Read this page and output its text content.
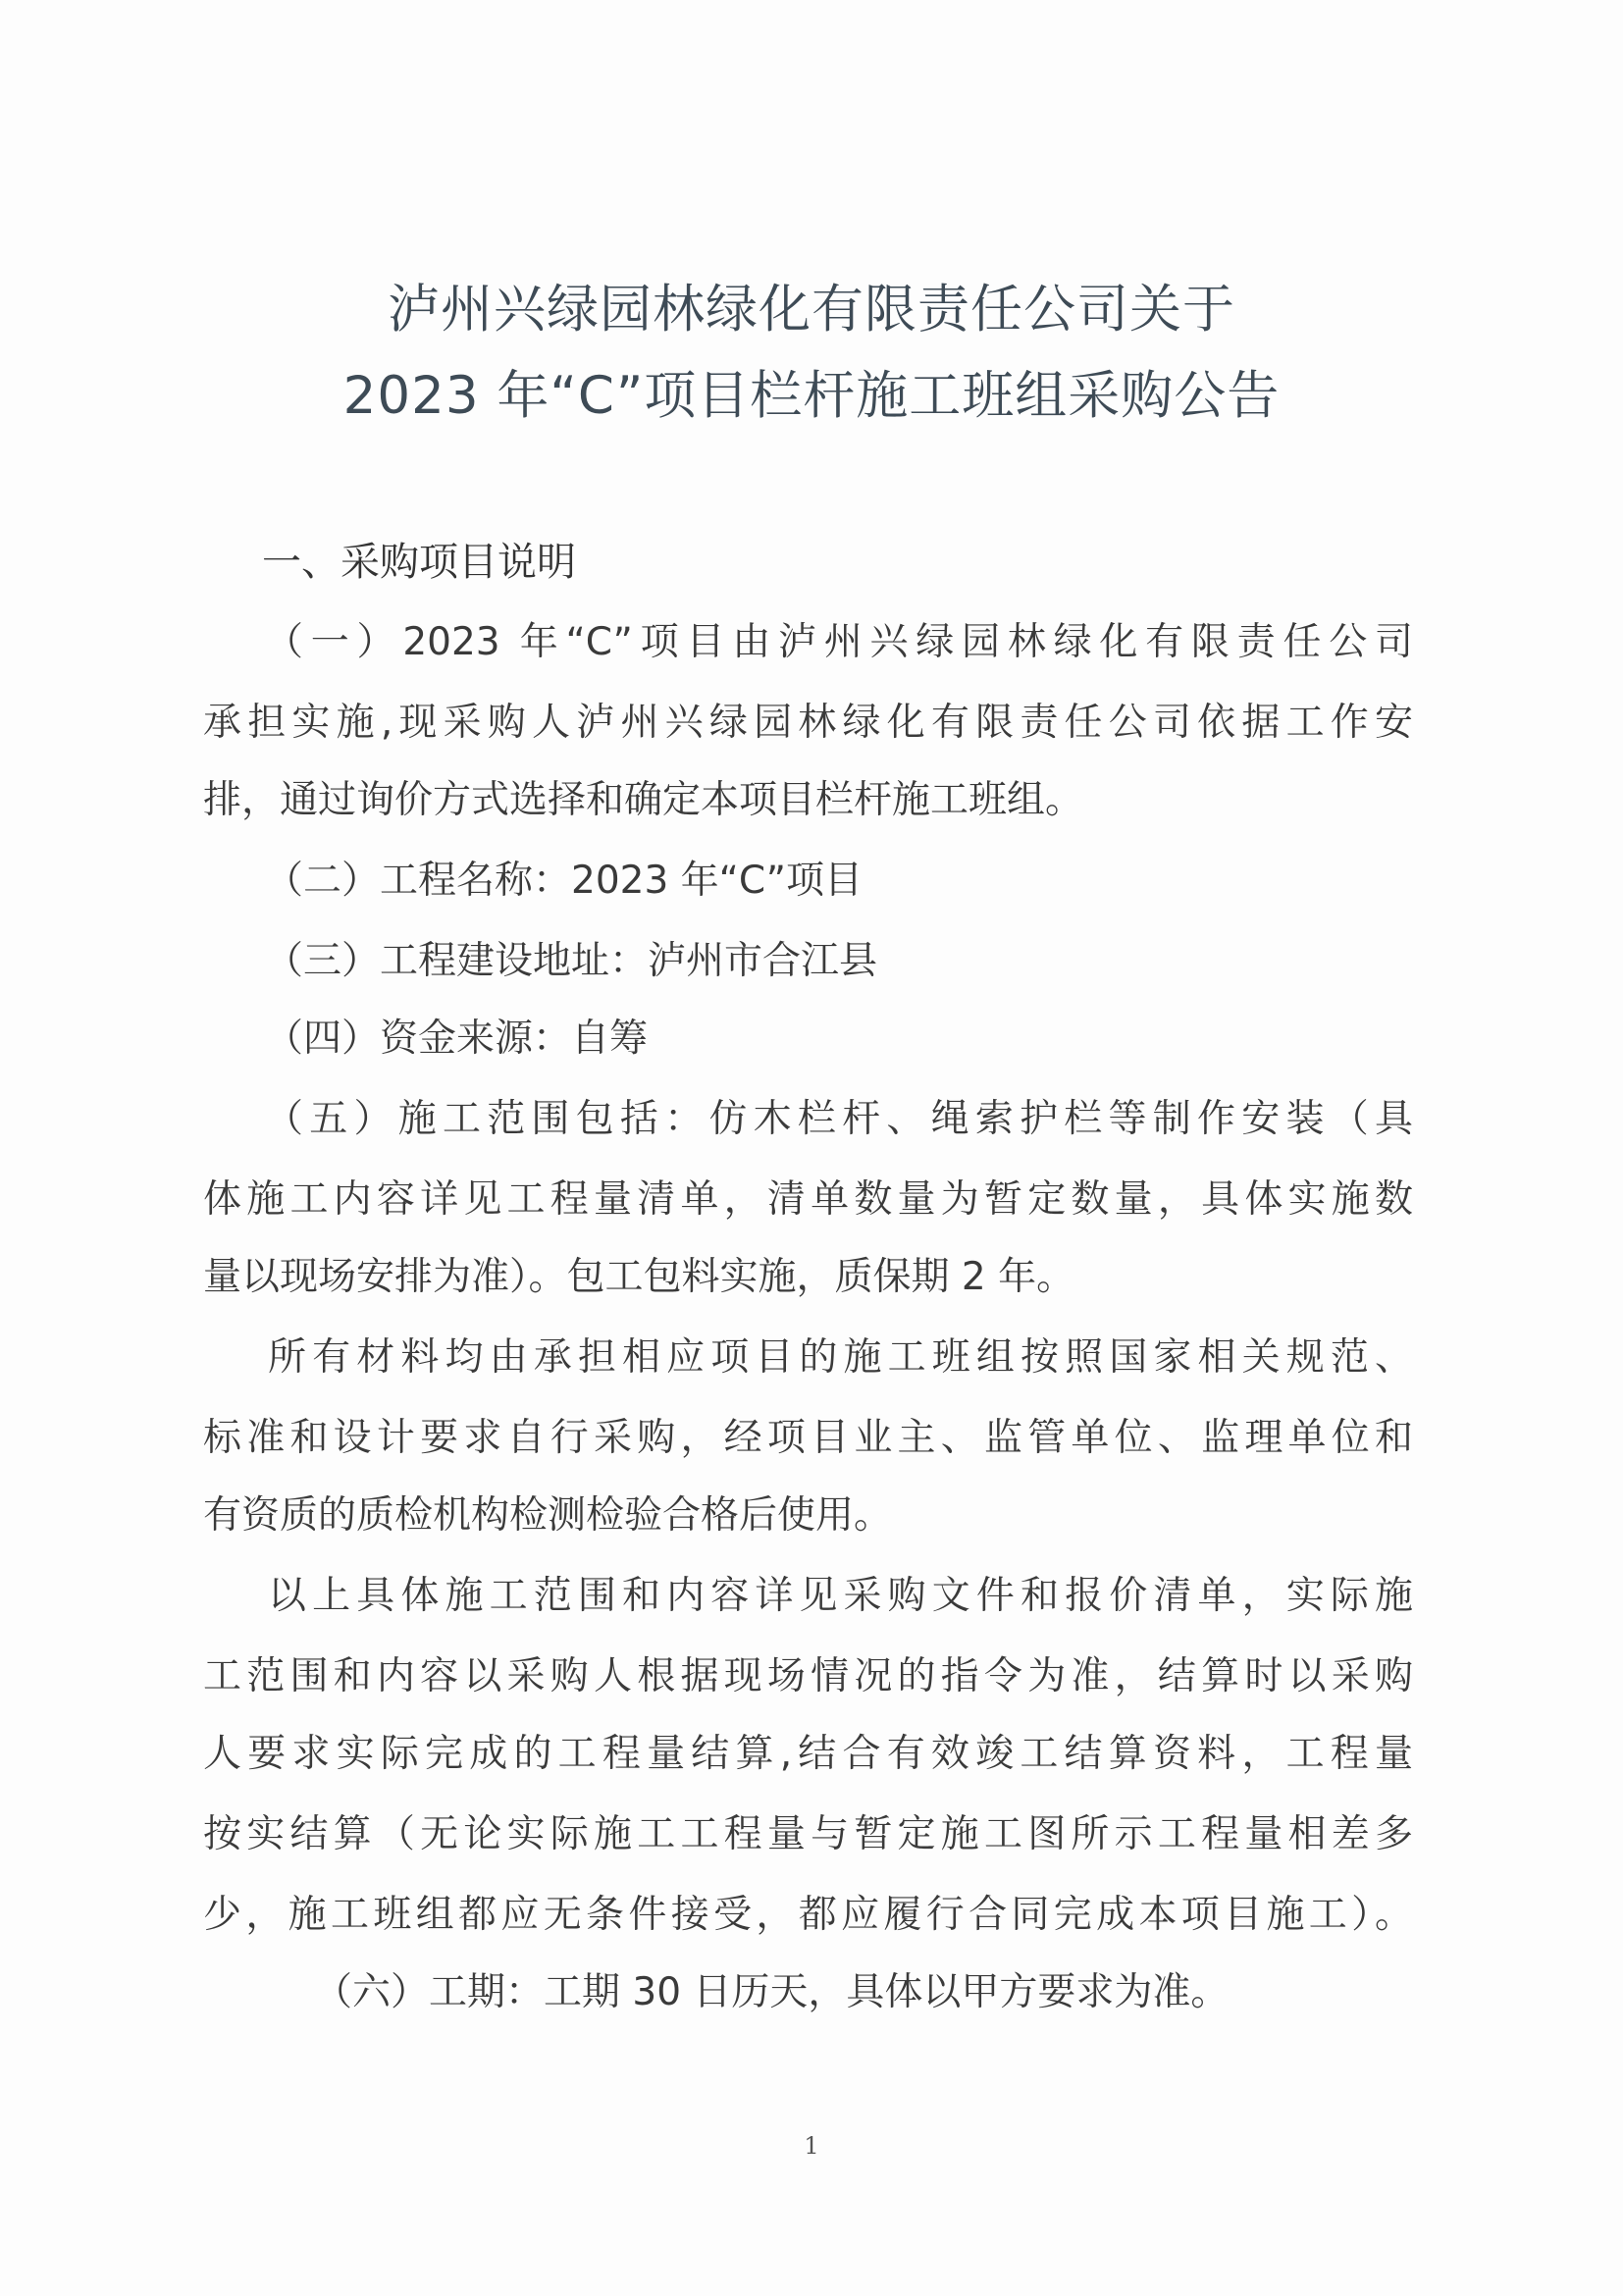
泸州兴绿园林绿化有限责任公司关于
2023 年“C”项目栏杆施工班组采购公告
一、采购项目说明
（一）2023 年“C”项目由泸州兴绿园林绿化有限责任公司
承担实施,现采购人泸州兴绿园林绿化有限责任公司依据工作安
排，通过询价方式选择和确定本项目栏杆施工班组。
（二）工程名称：2023 年“C”项目
（三）工程建设地址：泸州市合江县
（四）资金来源：自筹
（五）施工范围包括：仿木栏杆、绳索护栏等制作安装（具
体施工内容详见工程量清单，清单数量为暂定数量，具体实施数
量以现场安排为准）。包工包料实施，质保期 2 年。
所有材料均由承担相应项目的施工班组按照国家相关规范、
标准和设计要求自行采购，经项目业主、监管单位、监理单位和
有资质的质检机构检测检验合格后使用。
以上具体施工范围和内容详见采购文件和报价清单，实际施
工范围和内容以采购人根据现场情况的指令为准，结算时以采购
人要求实际完成的工程量结算,结合有效竣工结算资料，工程量
按实结算（无论实际施工工程量与暂定施工图所示工程量相差多
少，施工班组都应无条件接受，都应履行合同完成本项目施工）。
（六）工期：工期 30 日历天，具体以甲方要求为准。
1
